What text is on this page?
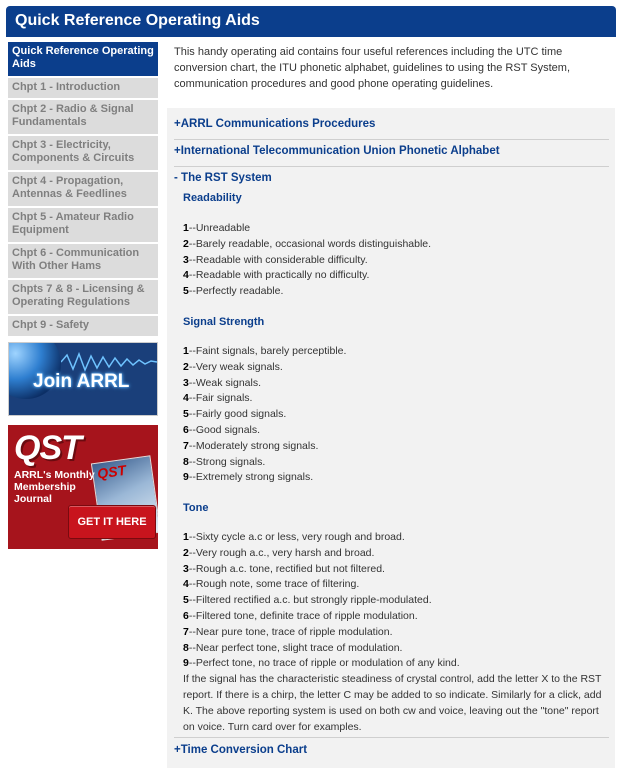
Quick Reference Operating Aids
Quick Reference Operating Aids
Chpt 1 - Introduction
Chpt 2 - Radio & Signal Fundamentals
Chpt 3 - Electricity, Components & Circuits
Chpt 4 - Propagation, Antennas & Feedlines
Chpt 5 - Amateur Radio Equipment
Chpt 6 - Communication With Other Hams
Chpts 7 & 8 - Licensing & Operating Regulations
Chpt 9 - Safety
Join ARRL
QST
QST
ARRL's Monthly Membership Journal
GET IT HERE

This handy operating aid contains four useful references including the UTC time conversion chart, the ITU phonetic alphabet, guidelines to using the RST System, communication procedures and good phone operating guidelines.

+ARRL Communications Procedures
+International Telecommunication Union Phonetic Alphabet
- The RST System
+Time Conversion Chart
Readability
1--Unreadable
2--Barely readable, occasional words distinguishable.
3--Readable with considerable difficulty.
4--Readable with practically no difficulty.
5--Perfectly readable.
Signal Strength
1--Faint signals, barely perceptible.
2--Very weak signals.
3--Weak signals.
4--Fair signals.
5--Fairly good signals.
6--Good signals.
7--Moderately strong signals.
8--Strong signals.
9--Extremely strong signals.
Tone
1--Sixty cycle a.c or less, very rough and broad.
2--Very rough a.c., very harsh and broad.
3--Rough a.c. tone, rectified but not filtered.
4--Rough note, some trace of filtering.
5--Filtered rectified a.c. but strongly ripple-modulated.
6--Filtered tone, definite trace of ripple modulation.
7--Near pure tone, trace of ripple modulation.
8--Near perfect tone, slight trace of modulation.
9--Perfect tone, no trace of ripple or modulation of any kind.

If the signal has the characteristic steadiness of crystal control, add the letter X to the RST report. If there is a chirp, the letter C may be added to so indicate. Similarly for a click, add K. The above reporting system is used on both cw and voice, leaving out the "tone" report on voice. Turn card over for examples.
